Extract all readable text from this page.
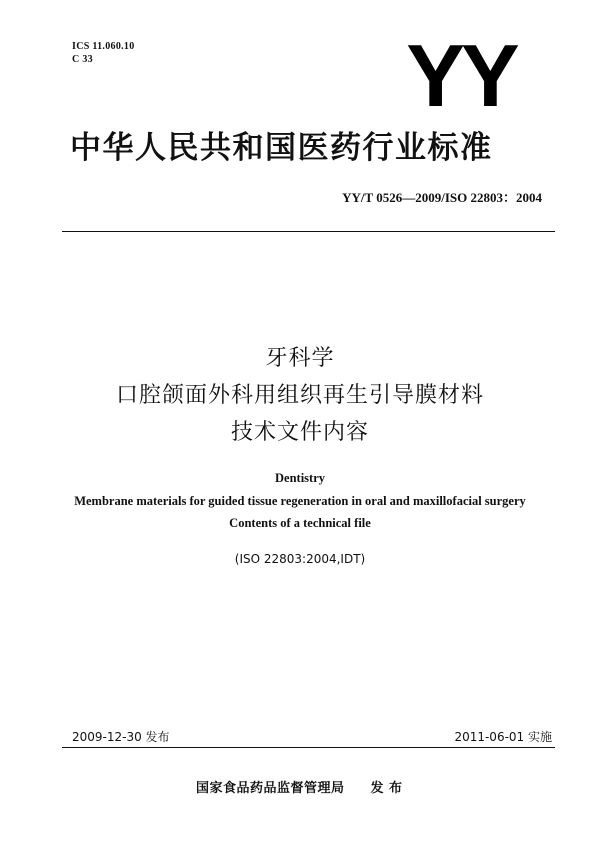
ICS 11.060.10
C 33	YY
中华人民共和国医药行业标准
YY/T 0526—2009/ISO 22803：2004
牙科学
口腔颌面外科用组织再生引导膜材料
技术文件内容
Dentistry
Membrane materials for guided tissue regeneration in oral and maxillofacial surgery
Contents of a technical file
(ISO 22803:2004,IDT)
2009-12-30 发布	2011-06-01 实施
国家食品药品监督管理局 发 布
